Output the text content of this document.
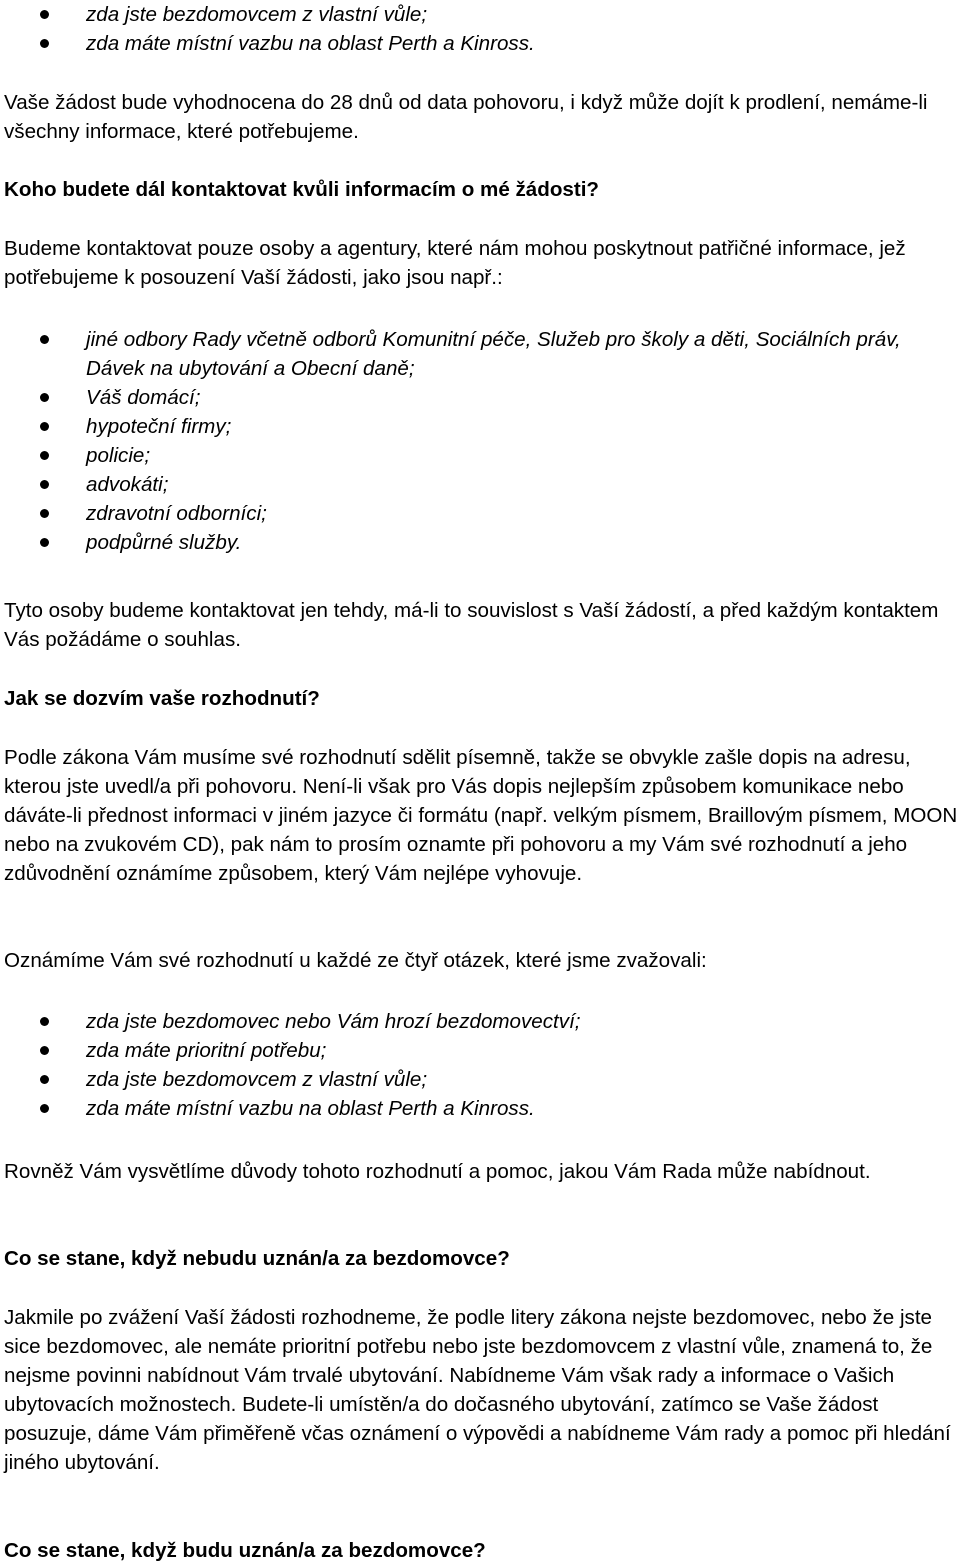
zda jste bezdomovcem z vlastní vůle;
zda máte místní vazbu na oblast Perth a Kinross.

Vaše žádost bude vyhodnocena do 28 dnů od data pohovoru, i když může dojít k prodlení, nemáme-li všechny informace, které potřebujeme.

Koho budete dál kontaktovat kvůli informacím o mé žádosti?

Budeme kontaktovat pouze osoby a agentury, které nám mohou poskytnout patřičné informace, jež potřebujeme k posouzení Vaší žádosti, jako jsou např.:

jiné odbory Rady včetně odborů Komunitní péče, Služeb pro školy a děti, Sociálních práv, Dávek na ubytování a Obecní daně;
Váš domácí;
hypoteční firmy;
policie;
advokáti;
zdravotní odborníci;
podpůrné služby.

Tyto osoby budeme kontaktovat jen tehdy, má-li to souvislost s Vaší žádostí, a před každým kontaktem Vás požádáme o souhlas.

Jak se dozvím vaše rozhodnutí?

Podle zákona Vám musíme své rozhodnutí sdělit písemně, takže se obvykle zašle dopis na adresu, kterou jste uvedl/a při pohovoru. Není-li však pro Vás dopis nejlepším způsobem komunikace nebo dáváte-li přednost informaci v jiném jazyce či formátu (např. velkým písmem, Braillovým písmem, MOON nebo na zvukovém CD), pak nám to prosím oznamte při pohovoru a my Vám své rozhodnutí a jeho zdůvodnění oznámíme způsobem, který Vám nejlépe vyhovuje.

Oznámíme Vám své rozhodnutí u každé ze čtyř otázek, které jsme zvažovali:

zda jste bezdomovec nebo Vám hrozí bezdomovectví;
zda máte prioritní potřebu;
zda jste bezdomovcem z vlastní vůle;
zda máte místní vazbu na oblast Perth a Kinross.

Rovněž Vám vysvětlíme důvody tohoto rozhodnutí a pomoc, jakou Vám Rada může nabídnout.

Co se stane, když nebudu uznán/a za bezdomovce?

Jakmile po zvážení Vaší žádosti rozhodneme, že podle litery zákona nejste bezdomovec, nebo že jste sice bezdomovec, ale nemáte prioritní potřebu nebo jste bezdomovcem z vlastní vůle, znamená to, že nejsme povinni nabídnout Vám trvalé ubytování. Nabídneme Vám však rady a informace o Vašich ubytovacích možnostech. Budete-li umístěn/a do dočasného ubytování, zatímco se Vaše žádost posuzuje, dáme Vám přiměřeně včas oznámení o výpovědi a nabídneme Vám rady a pomoc při hledání jiného ubytování.

Co se stane, když budu uznán/a za bezdomovce?
